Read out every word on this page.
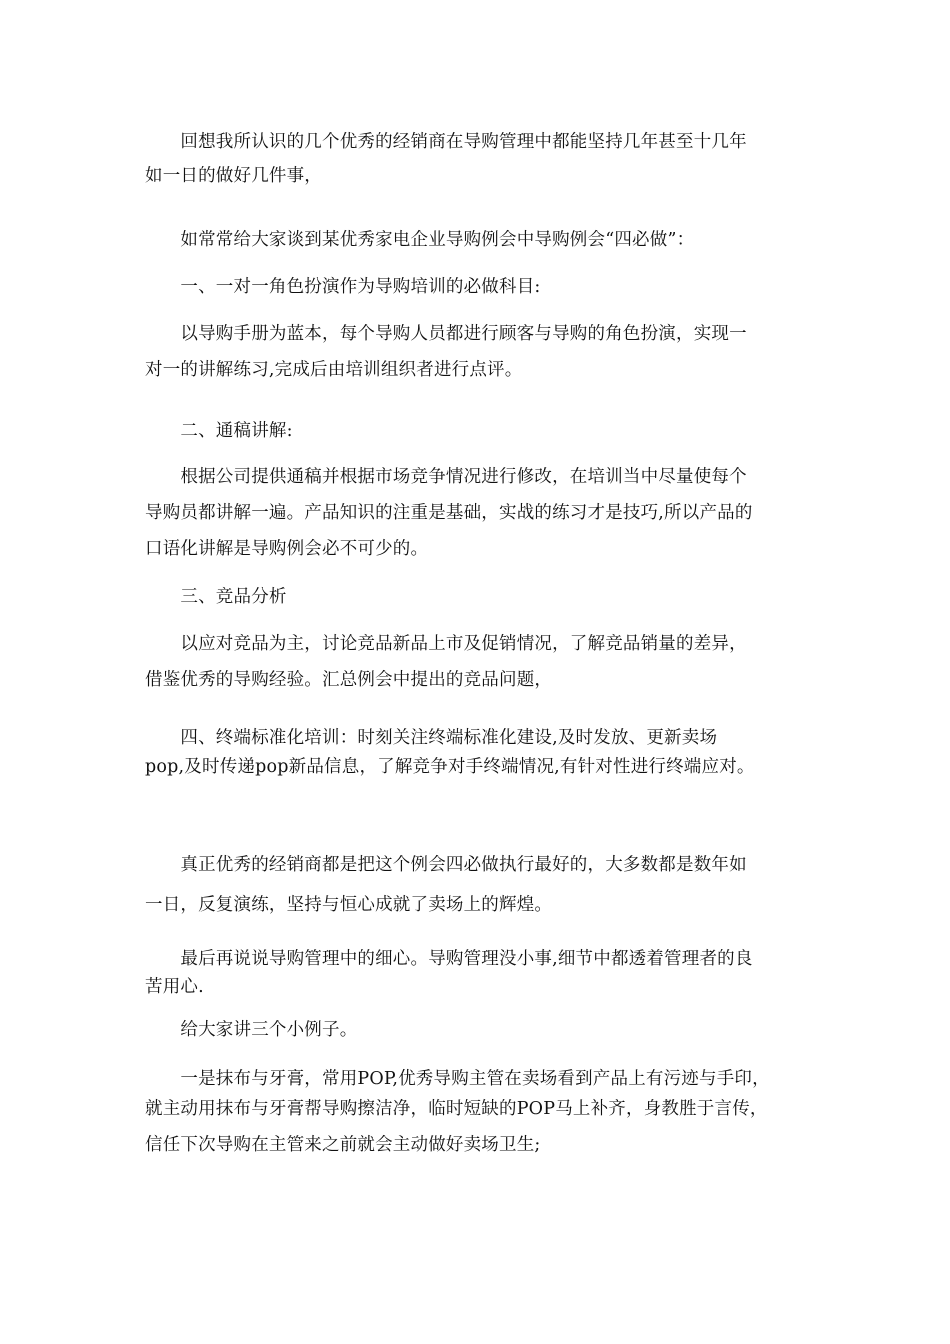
　　回想我所认识的几个优秀的经销商在导购管理中都能坚持几年甚至十几年
如一日的做好几件事，

　　如常常给大家谈到某优秀家电企业导购例会中导购例会“四必做”：

　　一、一对一角色扮演作为导购培训的必做科目:

　　以导购手册为蓝本，每个导购人员都进行顾客与导购的角色扮演，实现一
对一的讲解练习,完成后由培训组织者进行点评。

　　二、通稿讲解:

　　根据公司提供通稿并根据市场竞争情况进行修改，在培训当中尽量使每个
导购员都讲解一遍。产品知识的注重是基础，实战的练习才是技巧,所以产品的
口语化讲解是导购例会必不可少的。

　　三、竞品分析

　　以应对竞品为主，讨论竞品新品上市及促销情况，了解竞品销量的差异，
借鉴优秀的导购经验。汇总例会中提出的竞品问题，

　　四、终端标准化培训：时刻关注终端标准化建设,及时发放、更新卖场
pop,及时传递pop新品信息，了解竞争对手终端情况,有针对性进行终端应对。

　　真正优秀的经销商都是把这个例会四必做执行最好的，大多数都是数年如
一日，反复演练，坚持与恒心成就了卖场上的辉煌。

　　最后再说说导购管理中的细心。导购管理没小事,细节中都透着管理者的良
苦用心.

　　给大家讲三个小例子。

　　一是抹布与牙膏，常用POP,优秀导购主管在卖场看到产品上有污迹与手印，
就主动用抹布与牙膏帮导购擦洁净，临时短缺的POP马上补齐，身教胜于言传，
信任下次导购在主管来之前就会主动做好卖场卫生;
